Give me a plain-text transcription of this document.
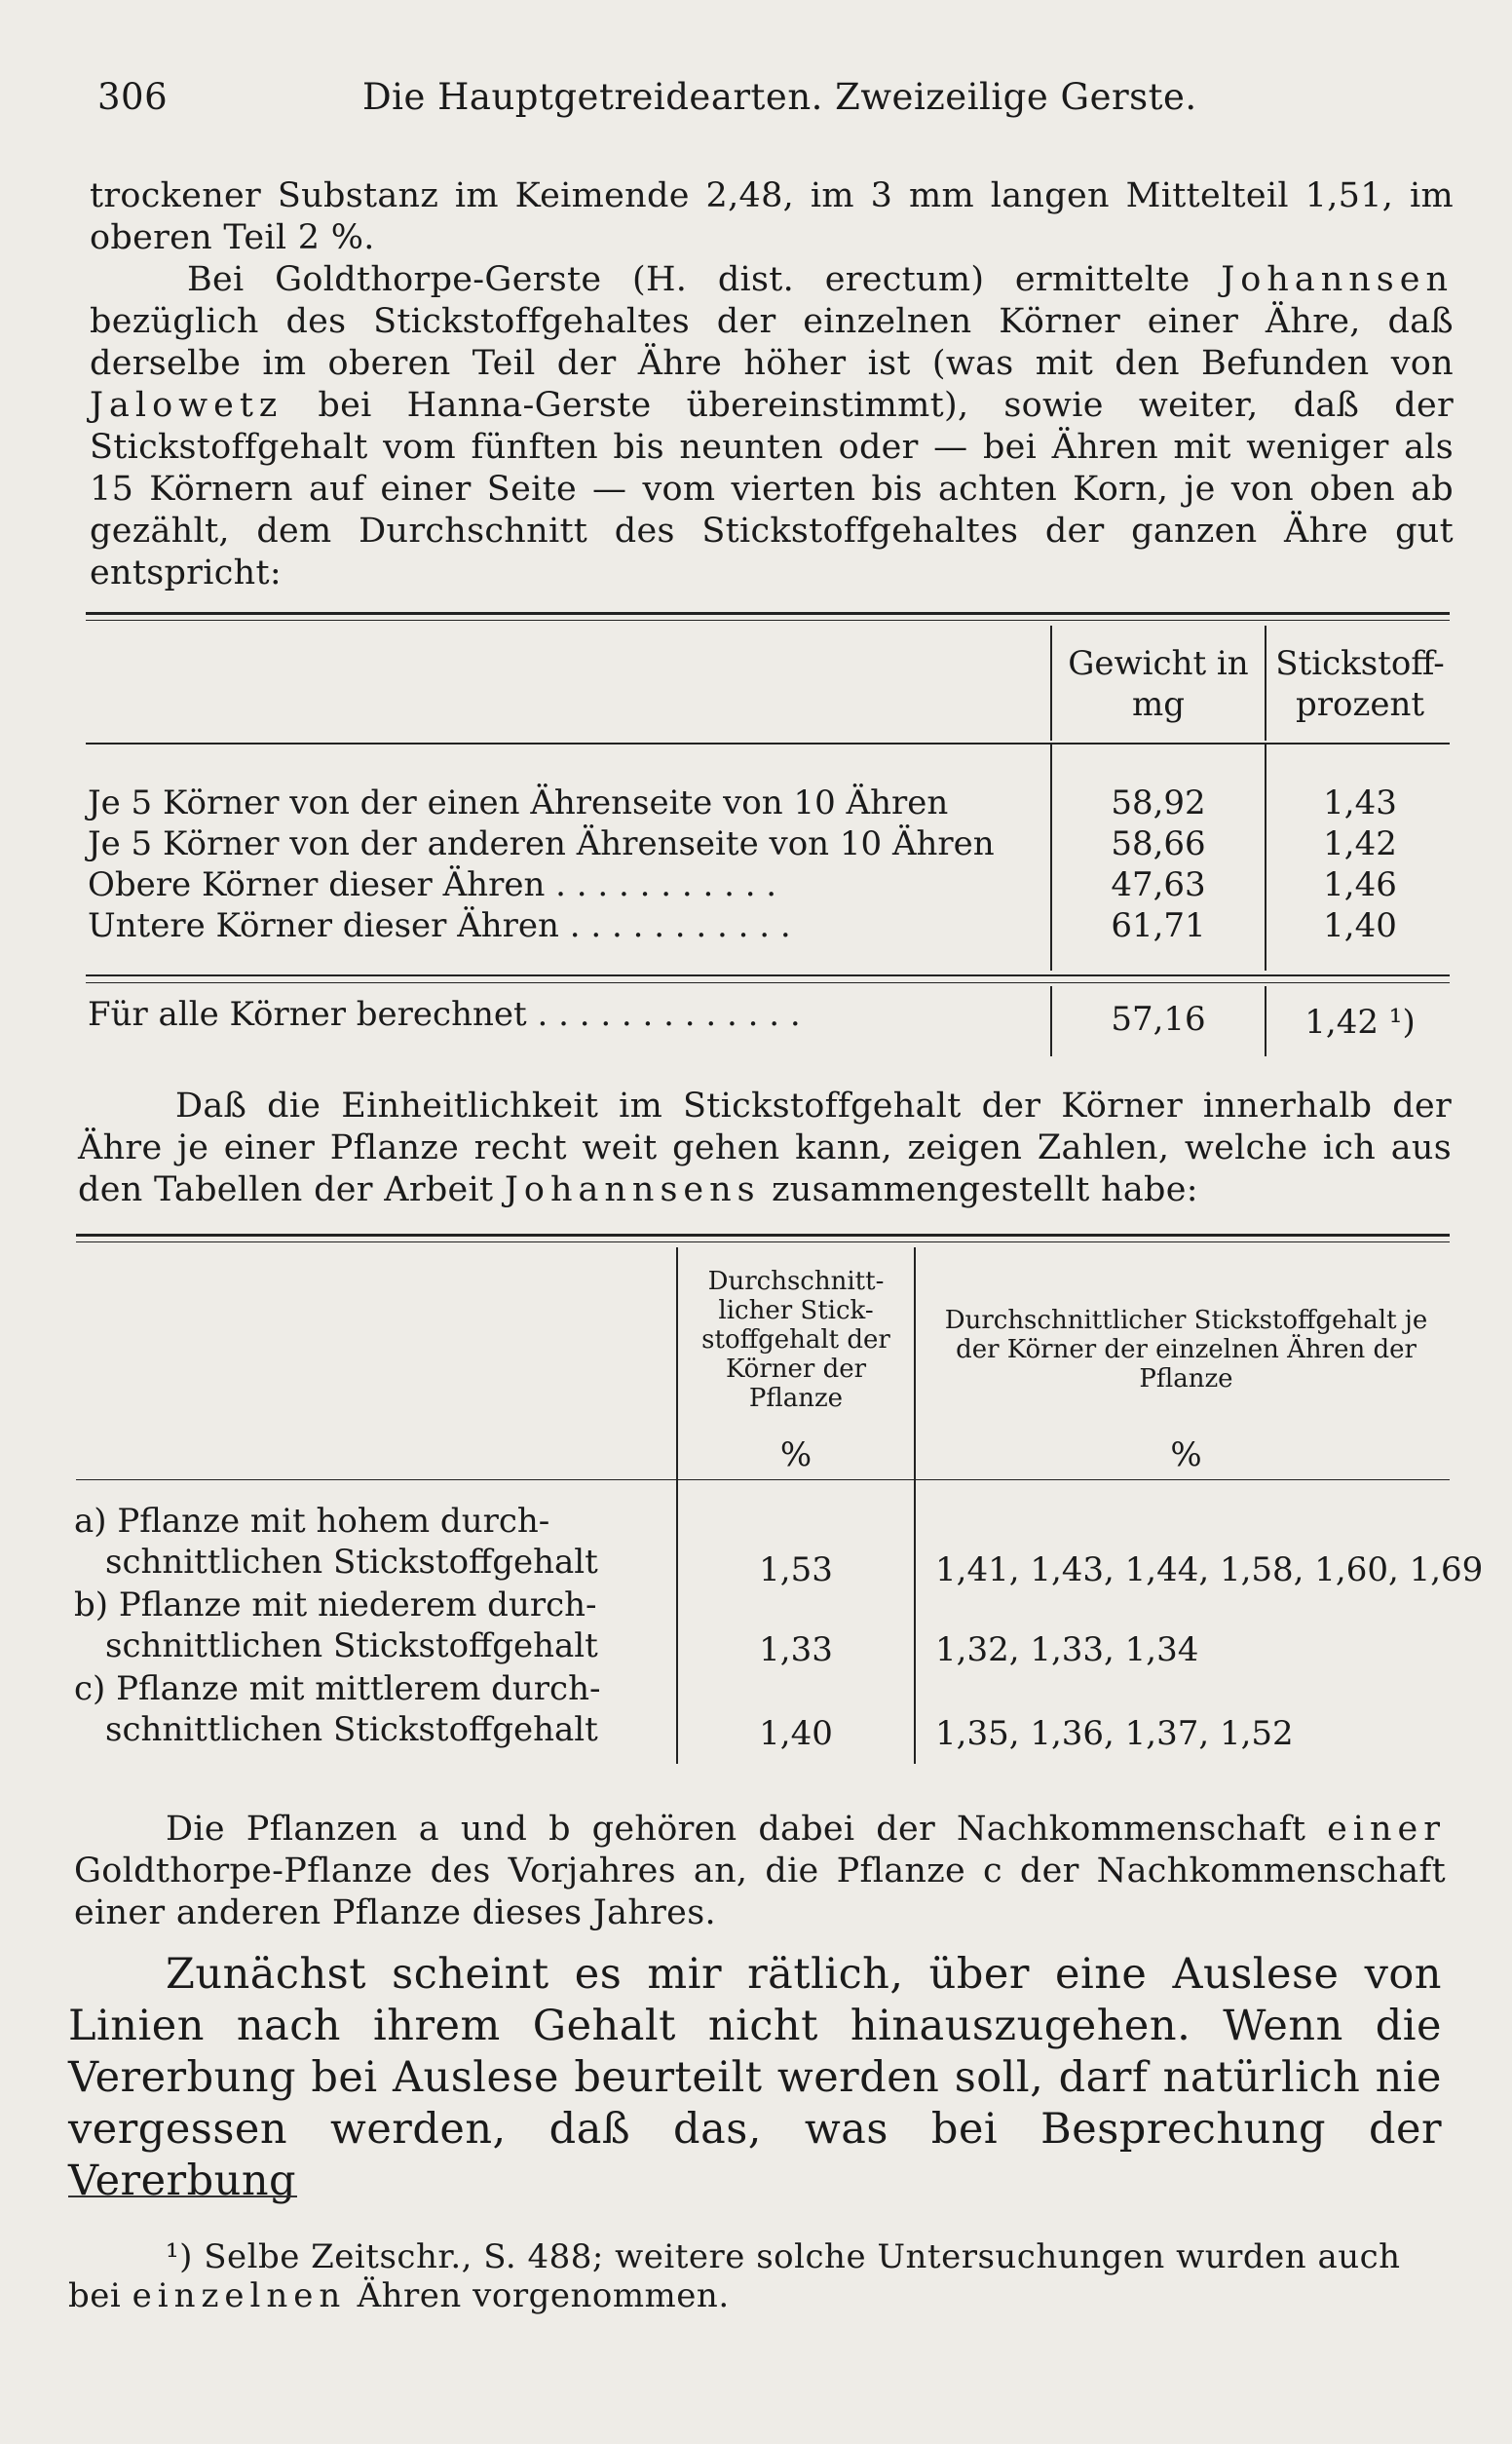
306	Die Hauptgetreidearten. Zweizeilige Gerste.
trockener Substanz im Keimende 2,48, im 3 mm langen Mittelteil 1,51, im oberen Teil 2 %.
Bei Goldthorpe-Gerste (H. dist. erectum) ermittelte Johannsen bezüglich des Stickstoffgehaltes der einzelnen Körner einer Ähre, daß derselbe im oberen Teil der Ähre höher ist (was mit den Befunden von Jalowetz bei Hanna-Gerste übereinstimmt), sowie weiter, daß der Stickstoffgehalt vom fünften bis neunten oder — bei Ähren mit weniger als 15 Körnern auf einer Seite — vom vierten bis achten Korn, je von oben ab gezählt, dem Durchschnitt des Stickstoffgehaltes der ganzen Ähre gut entspricht:
Gewicht in mg
Stickstoff-prozent
Je 5 Körner von der einen Ährenseite von 10 Ähren	58,92	1,43
Je 5 Körner von der anderen Ährenseite von 10 Ähren	58,66	1,42
Obere Körner dieser Ähren . . . . . . . . . . .	47,63	1,46
Untere Körner dieser Ähren . . . . . . . . . . .	61,71	1,40
Für alle Körner berechnet . . . . . . . . . . . . .	57,16	1,42 ¹)
Daß die Einheitlichkeit im Stickstoffgehalt der Körner innerhalb der Ähre je einer Pflanze recht weit gehen kann, zeigen Zahlen, welche ich aus den Tabellen der Arbeit Johannsens zusammengestellt habe:
Durchschnitt-licher Stick-stoffgehalt der Körner der Pflanze
%
Durchschnittlicher Stickstoffgehalt je der Körner der einzelnen Ähren der Pflanze
%
a) Pflanze mit hohem durch-
schnittlichen Stickstoffgehalt	1,53	1,41, 1,43, 1,44, 1,58, 1,60, 1,69
b) Pflanze mit niederem durch-
schnittlichen Stickstoffgehalt	1,33	1,32, 1,33, 1,34
c) Pflanze mit mittlerem durch-
schnittlichen Stickstoffgehalt	1,40	1,35, 1,36, 1,37, 1,52
Die Pflanzen a und b gehören dabei der Nachkommenschaft einer Goldthorpe-Pflanze des Vorjahres an, die Pflanze c der Nachkommenschaft einer anderen Pflanze dieses Jahres.
Zunächst scheint es mir rätlich, über eine Auslese von Linien nach ihrem Gehalt nicht hinauszugehen. Wenn die Vererbung bei Auslese beurteilt werden soll, darf natürlich nie vergessen werden, daß das, was bei Besprechung der Vererbung
¹) Selbe Zeitschr., S. 488; weitere solche Untersuchungen wurden auch bei einzelnen Ähren vorgenommen.
